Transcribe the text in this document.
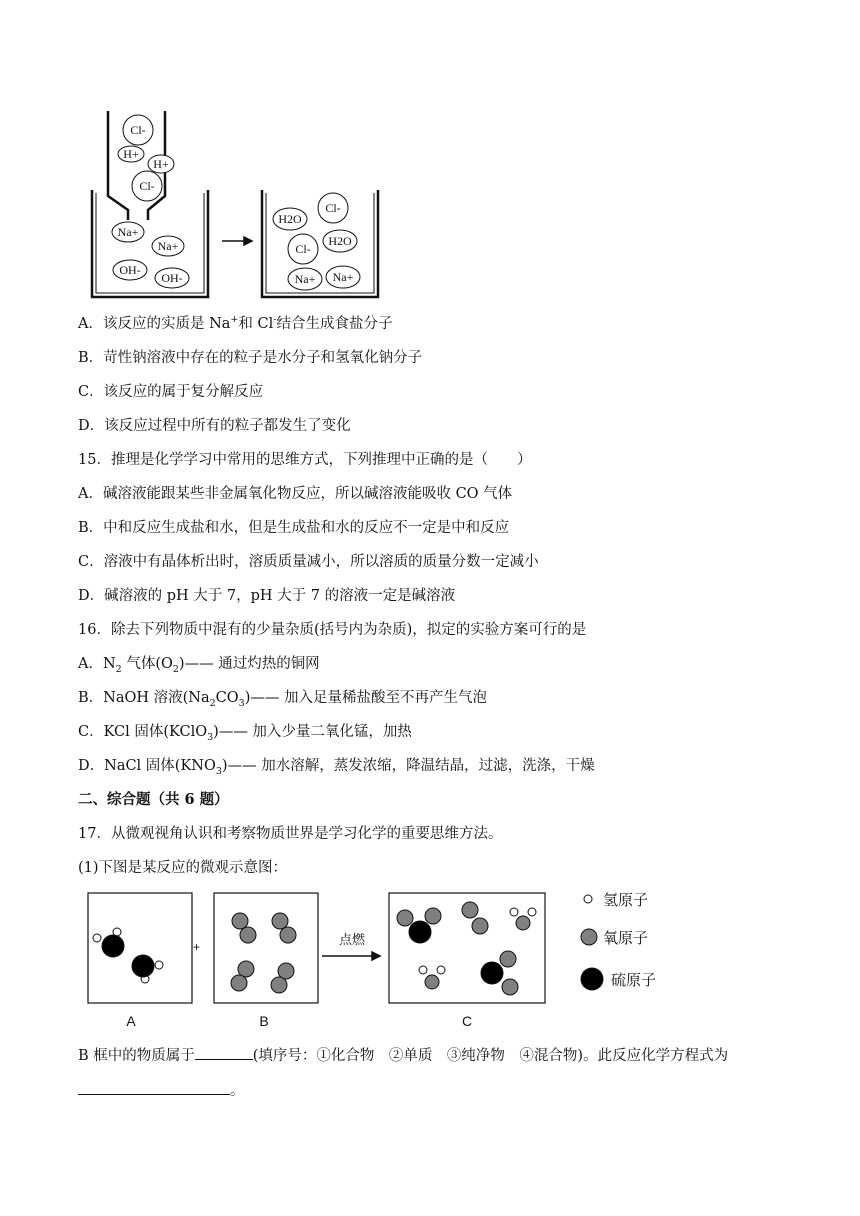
Cl-
H+
H+
Cl-
Na+
Na+
OH-
OH-
H2O
Cl-
Cl-
H2O
Na+ Na+
A．该反应的实质是 Na+和 Cl-结合生成食盐分子
B．苛性钠溶液中存在的粒子是水分子和氢氧化钠分子
C．该反应的属于复分解反应
D．该反应过程中所有的粒子都发生了变化
15．推理是化学学习中常用的思维方式，下列推理中正确的是（　　）
A．碱溶液能跟某些非金属氧化物反应，所以碱溶液能吸收 CO 气体
B．中和反应生成盐和水，但是生成盐和水的反应不一定是中和反应
C．溶液中有晶体析出时，溶质质量减小，所以溶质的质量分数一定减小
D．碱溶液的 pH 大于 7，pH 大于 7 的溶液一定是碱溶液
16．除去下列物质中混有的少量杂质(括号内为杂质)，拟定的实验方案可行的是
A．$N_2$ 气体$(O_2)——$ 通过灼热的铜网
B．NaOH 溶液$(Na_2CO_3)——$ 加入足量稀盐酸至不再产生气泡
C．KCl 固体(KClO$_3$)—— 加入少量二氧化锰，加热
D．NaCl 固体$(KNO_3)——$ 加水溶解，蒸发浓缩，降温结晶，过滤，洗涤，干燥
二、综合题（共 6 题）
17．从微观视角认识和考察物质世界是学习化学的重要思维方法。
(1)下图是某反应的微观示意图：
+	点燃
A	B	C
氢原子
氧原子
硫原子
B 框中的物质属于	(填序号：①化合物　②单质　③纯净物　④混合物)。此反应化学方程式为
。
